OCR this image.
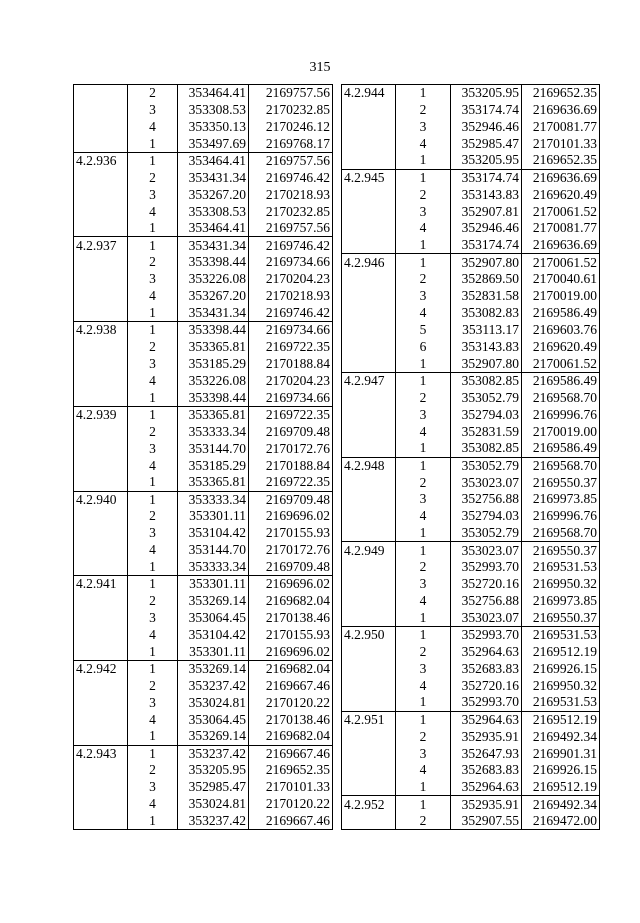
315
	2	353464.41	2169757.56
	3	353308.53	2170232.85
	4	353350.13	2170246.12
	1	353497.69	2169768.17
4.2.936	1	353464.41	2169757.56
	2	353431.34	2169746.42
	3	353267.20	2170218.93
	4	353308.53	2170232.85
	1	353464.41	2169757.56
4.2.937	1	353431.34	2169746.42
	2	353398.44	2169734.66
	3	353226.08	2170204.23
	4	353267.20	2170218.93
	1	353431.34	2169746.42
4.2.938	1	353398.44	2169734.66
	2	353365.81	2169722.35
	3	353185.29	2170188.84
	4	353226.08	2170204.23
	1	353398.44	2169734.66
4.2.939	1	353365.81	2169722.35
	2	353333.34	2169709.48
	3	353144.70	2170172.76
	4	353185.29	2170188.84
	1	353365.81	2169722.35
4.2.940	1	353333.34	2169709.48
	2	353301.11	2169696.02
	3	353104.42	2170155.93
	4	353144.70	2170172.76
	1	353333.34	2169709.48
4.2.941	1	353301.11	2169696.02
	2	353269.14	2169682.04
	3	353064.45	2170138.46
	4	353104.42	2170155.93
	1	353301.11	2169696.02
4.2.942	1	353269.14	2169682.04
	2	353237.42	2169667.46
	3	353024.81	2170120.22
	4	353064.45	2170138.46
	1	353269.14	2169682.04
4.2.943	1	353237.42	2169667.46
	2	353205.95	2169652.35
	3	352985.47	2170101.33
	4	353024.81	2170120.22
	1	353237.42	2169667.46
4.2.944	1	353205.95	2169652.35
	2	353174.74	2169636.69
	3	352946.46	2170081.77
	4	352985.47	2170101.33
	1	353205.95	2169652.35
4.2.945	1	353174.74	2169636.69
	2	353143.83	2169620.49
	3	352907.81	2170061.52
	4	352946.46	2170081.77
	1	353174.74	2169636.69
4.2.946	1	352907.80	2170061.52
	2	352869.50	2170040.61
	3	352831.58	2170019.00
	4	353082.83	2169586.49
	5	353113.17	2169603.76
	6	353143.83	2169620.49
	1	352907.80	2170061.52
4.2.947	1	353082.85	2169586.49
	2	353052.79	2169568.70
	3	352794.03	2169996.76
	4	352831.59	2170019.00
	1	353082.85	2169586.49
4.2.948	1	353052.79	2169568.70
	2	353023.07	2169550.37
	3	352756.88	2169973.85
	4	352794.03	2169996.76
	1	353052.79	2169568.70
4.2.949	1	353023.07	2169550.37
	2	352993.70	2169531.53
	3	352720.16	2169950.32
	4	352756.88	2169973.85
	1	353023.07	2169550.37
4.2.950	1	352993.70	2169531.53
	2	352964.63	2169512.19
	3	352683.83	2169926.15
	4	352720.16	2169950.32
	1	352993.70	2169531.53
4.2.951	1	352964.63	2169512.19
	2	352935.91	2169492.34
	3	352647.93	2169901.31
	4	352683.83	2169926.15
	1	352964.63	2169512.19
4.2.952	1	352935.91	2169492.34
	2	352907.55	2169472.00
